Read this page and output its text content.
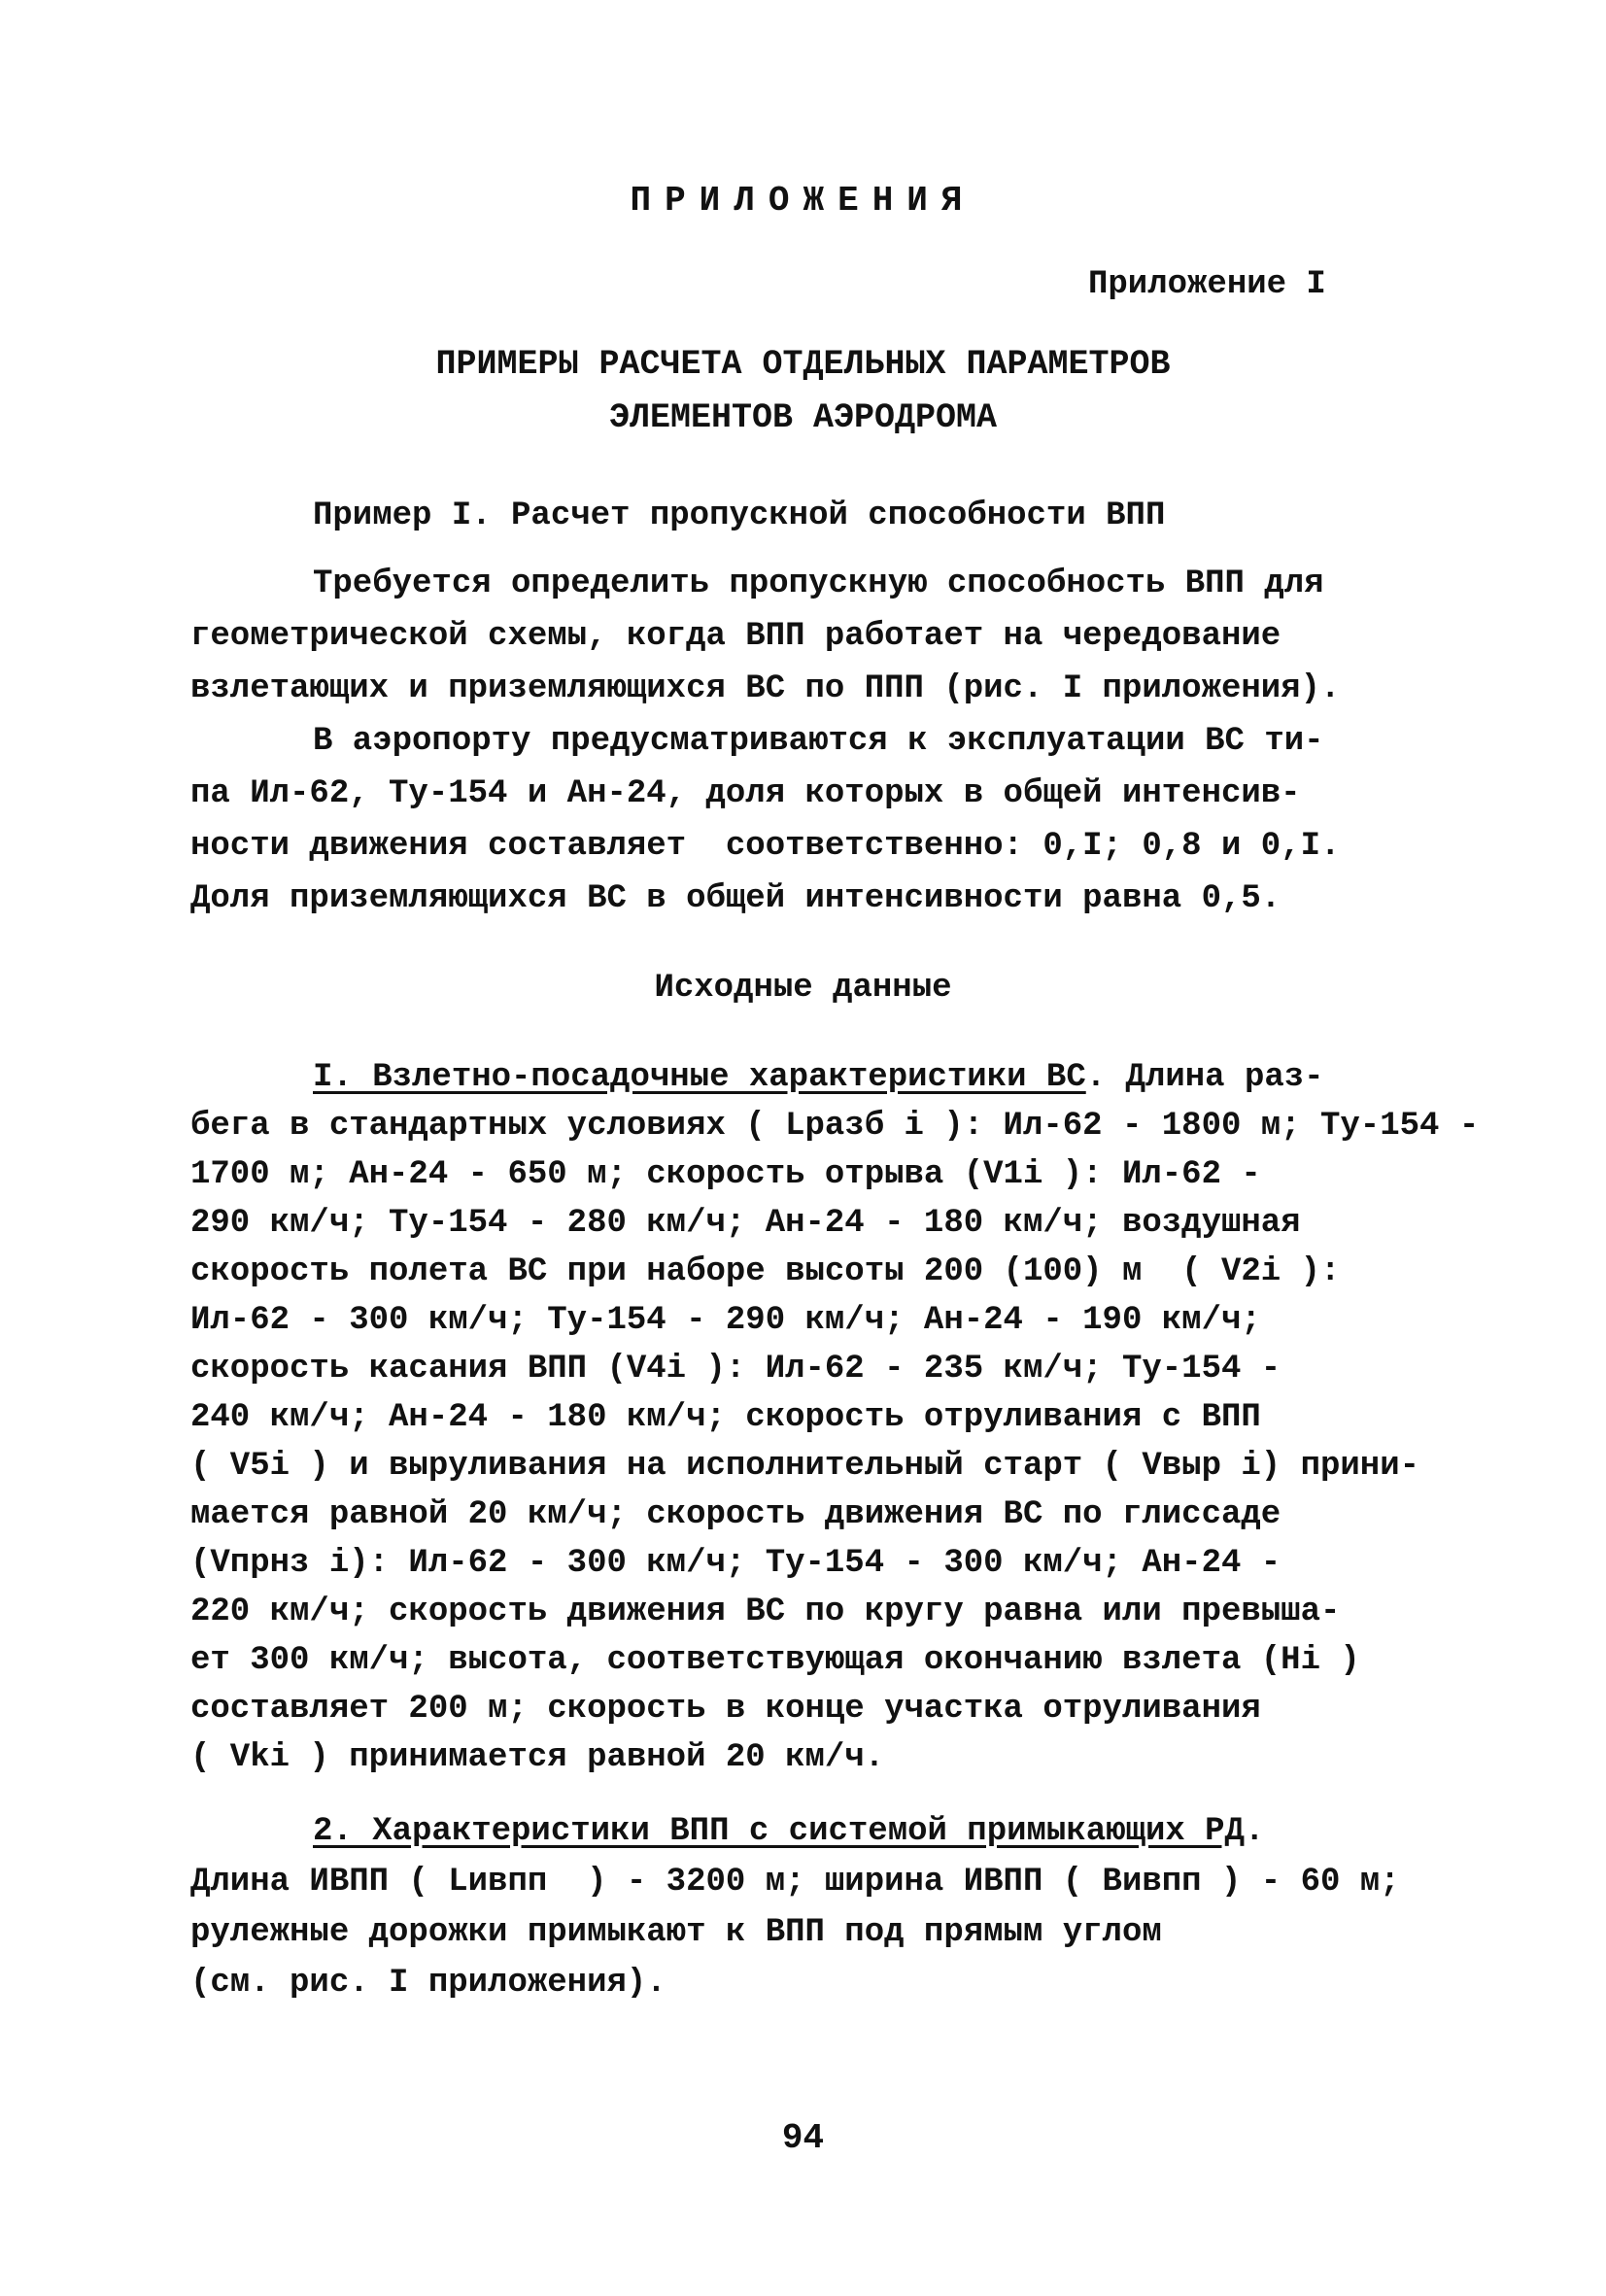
ПРИЛОЖЕНИЯ
Приложение I
ПРИМЕРЫ РАСЧЕТА ОТДЕЛЬНЫХ ПАРАМЕТРОВ
ЭЛЕМЕНТОВ АЭРОДРОМА
Пример I. Расчет пропускной способности ВПП
Требуется определить пропускную способность ВПП для
геометрической схемы, когда ВПП работает на чередование
взлетающих и приземляющихся ВС по ППП (рис. I приложения).
В аэропорту предусматриваются к эксплуатации ВС ти-
па Ил-62, Ту-154 и Ан-24, доля которых в общей интенсив-
ности движения составляет  соответственно: 0,I; 0,8 и 0,I.
Доля приземляющихся ВС в общей интенсивности равна 0,5.
Исходные данные
I. Взлетно-посадочные характеристики ВС. Длина раз-
бега в стандартных условиях ( Lразб i ): Ил-62 - 1800 м; Ту-154 -
1700 м; Ан-24 - 650 м; скорость отрыва (V1i ): Ил-62 -
290 км/ч; Ту-154 - 280 км/ч; Ан-24 - 180 км/ч; воздушная
скорость полета ВС при наборе высоты 200 (100) м  ( V2i ):
Ил-62 - 300 км/ч; Ту-154 - 290 км/ч; Ан-24 - 190 км/ч;
скорость касания ВПП (V4i ): Ил-62 - 235 км/ч; Ту-154 -
240 км/ч; Ан-24 - 180 км/ч; скорость отруливания с ВПП
( V5i ) и выруливания на исполнительный старт ( Vвыр i) прини-
мается равной 20 км/ч; скорость движения ВС по глиссаде
(Vпрнз i): Ил-62 - 300 км/ч; Ту-154 - 300 км/ч; Ан-24 -
220 км/ч; скорость движения ВС по кругу равна или превыша-
ет 300 км/ч; высота, соответствующая окончанию взлета (Hi )
составляет 200 м; скорость в конце участка отруливания
( Vki ) принимается равной 20 км/ч.
2. Характеристики ВПП с системой примыкающих РД.
Длина ИВПП ( Lивпп  ) - 3200 м; ширина ИВПП ( Bивпп ) - 60 м;
рулежные дорожки примыкают к ВПП под прямым углом
(см. рис. I приложения).
94
